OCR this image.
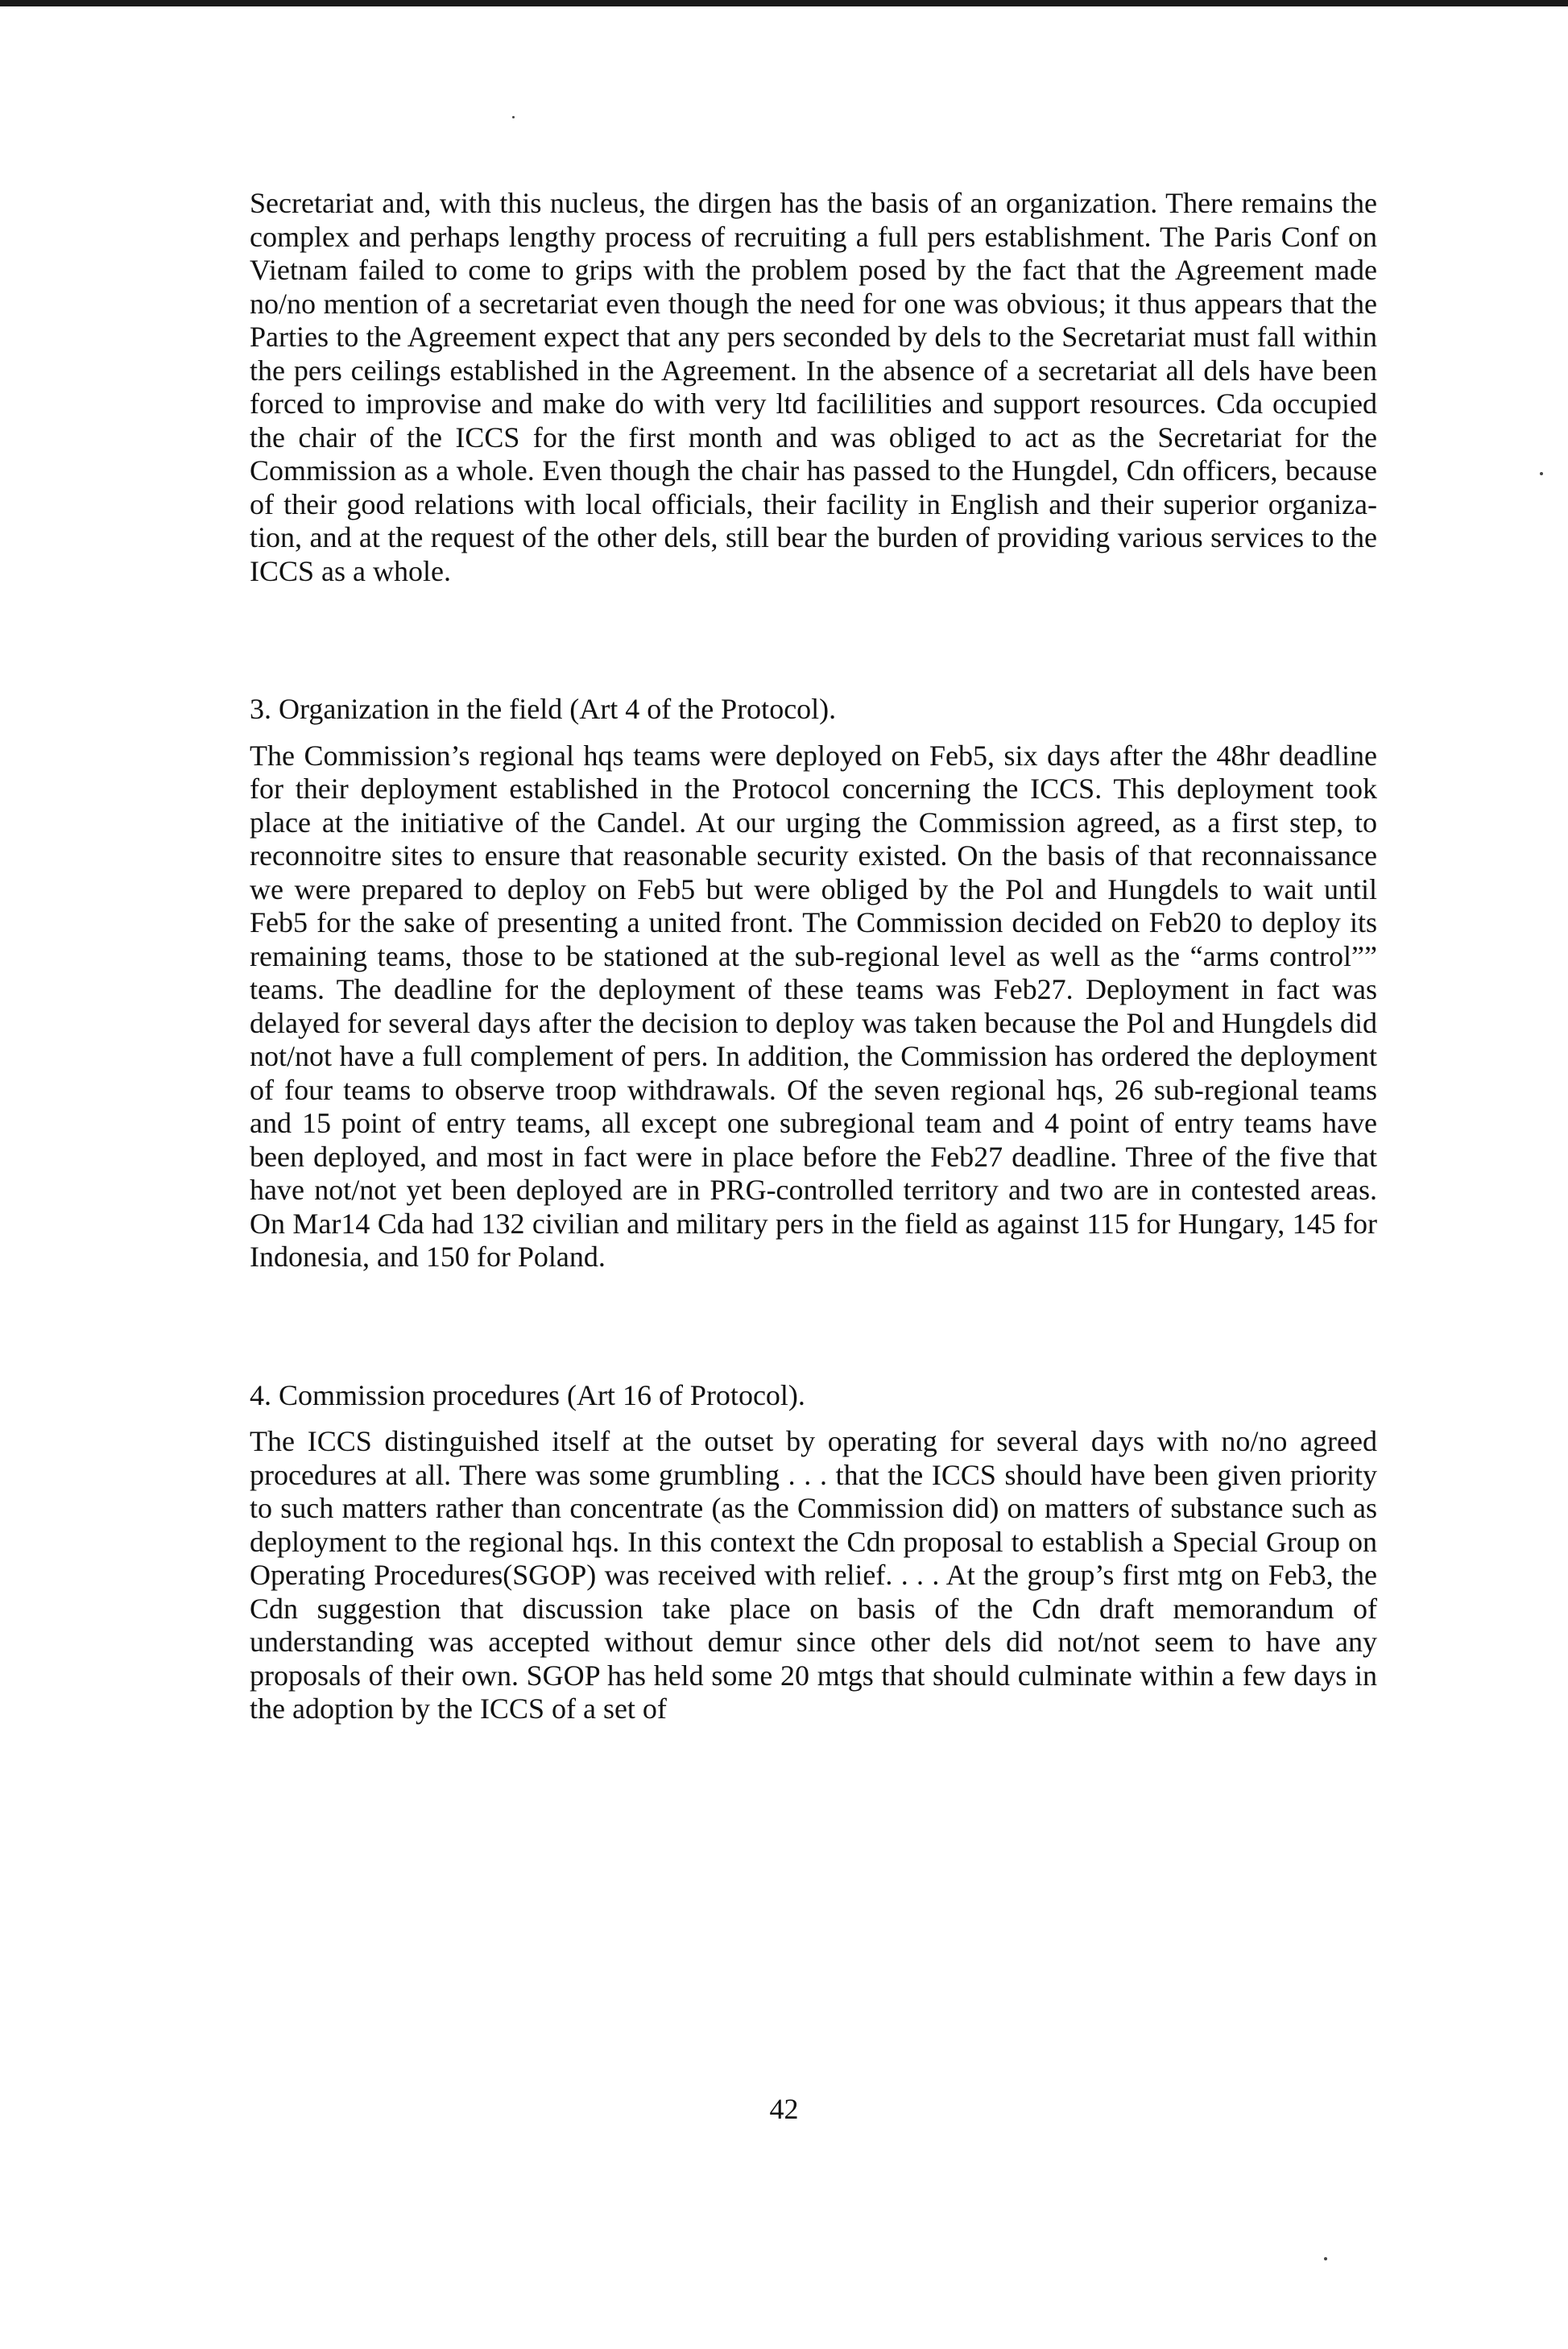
Secretariat and, with this nucleus, the dirgen has the basis of an organization. There remains the complex and perhaps lengthy process of recruiting a full pers establishment. The Paris Conf on Vietnam failed to come to grips with the problem posed by the fact that the Agreement made no/no mention of a secretariat even though the need for one was obvious; it thus appears that the Parties to the Agreement expect that any pers seconded by dels to the Secretariat must fall within the pers ceilings established in the Agreement. In the absence of a secretariat all dels have been forced to improvise and make do with very ltd facililities and support resources. Cda occupied the chair of the ICCS for the first month and was obliged to act as the Secretariat for the Commission as a whole. Even though the chair has passed to the Hungdel, Cdn officers, because of their good relations with local officials, their facility in English and their superior organization, and at the request of the other dels, still bear the burden of providing various services to the ICCS as a whole.

3. Organization in the field (Art 4 of the Protocol).

The Commission’s regional hqs teams were deployed on Feb5, six days after the 48hr deadline for their deployment established in the Protocol concerning the ICCS. This deployment took place at the initiative of the Candel. At our urging the Commission agreed, as a first step, to reconnoitre sites to ensure that reasonable security existed. On the basis of that reconnaissance we were prepared to deploy on Feb5 but were obliged by the Pol and Hungdels to wait until Feb5 for the sake of presenting a united front. The Commission decided on Feb20 to deploy its remaining teams, those to be stationed at the sub-regional level as well as the “arms control”” teams. The deadline for the deployment of these teams was Feb27. Deployment in fact was delayed for several days after the decision to deploy was taken because the Pol and Hungdels did not/not have a full complement of pers. In addition, the Commission has ordered the deployment of four teams to observe troop withdrawals. Of the seven regional hqs, 26 sub-regional teams and 15 point of entry teams, all except one subregional team and 4 point of entry teams have been deployed, and most in fact were in place before the Feb27 deadline. Three of the five that have not/not yet been deployed are in PRG-controlled territory and two are in contested areas. On Mar14 Cda had 132 civilian and military pers in the field as against 115 for Hungary, 145 for Indonesia, and 150 for Poland.

4. Commission procedures (Art 16 of Protocol).

The ICCS distinguished itself at the outset by operating for several days with no/no agreed procedures at all. There was some grumbling . . . that the ICCS should have been given priority to such matters rather than concentrate (as the Commission did) on matters of substance such as deployment to the regional hqs. In this context the Cdn proposal to establish a Special Group on Operating Procedures(SGOP) was received with relief. . . . At the group’s first mtg on Feb3, the Cdn suggestion that discussion take place on basis of the Cdn draft memorandum of understanding was accepted without demur since other dels did not/not seem to have any proposals of their own. SGOP has held some 20 mtgs that should culminate within a few days in the adoption by the ICCS of a set of

42
